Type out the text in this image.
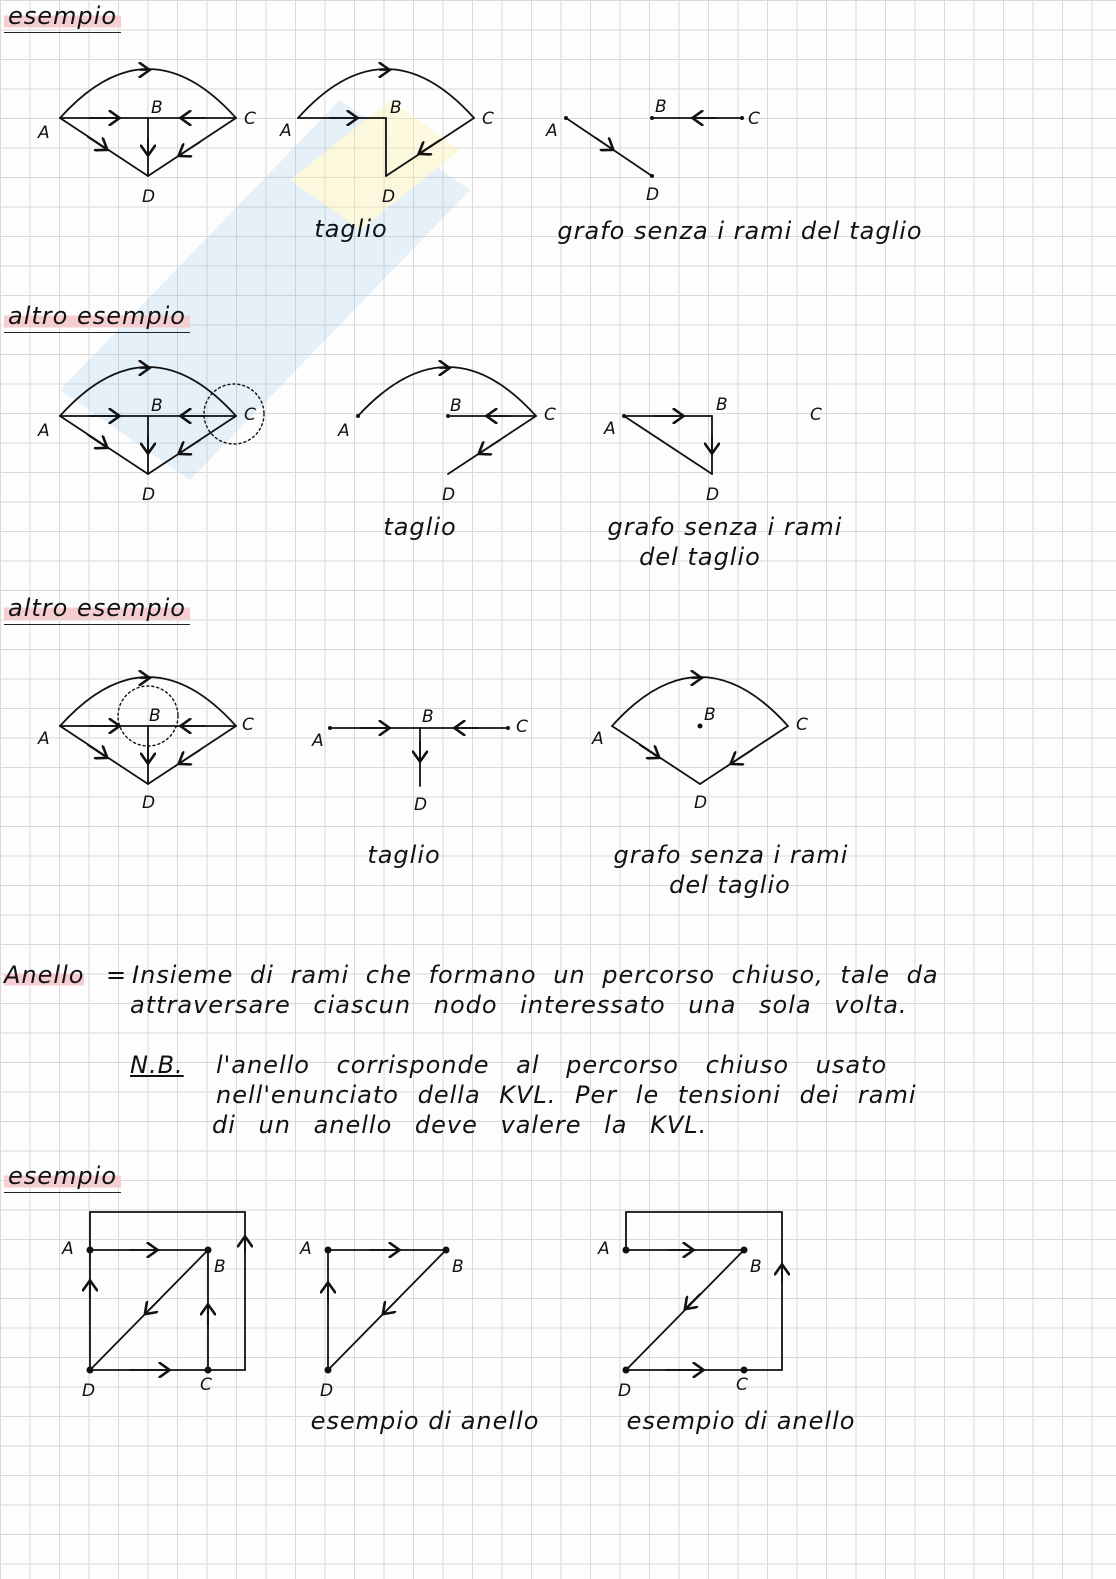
esempio
altro esempio
altro esempio
esempio
A
B
C
D
A
B
C
D
A
B
C
D
A
B	C
D
A
B	C
D
A
B	C
D
A
B	C
D
A
B	C
D
A
B	C
D
A
B
C
D
A
B
D
A
B
C
D
taglio	grafo senza i rami del taglio
taglio	grafo senza i rami
del taglio
taglio	grafo senza i rami
del taglio
Anello = Insieme di rami che formano un percorso chiuso, tale da
attraversare ciascun nodo interessato una sola volta.
N.B. l'anello corrisponde al percorso chiuso usato
nell'enunciato della KVL. Per le tensioni dei rami
di un anello deve valere la KVL.
esempio di anello	esempio di anello
